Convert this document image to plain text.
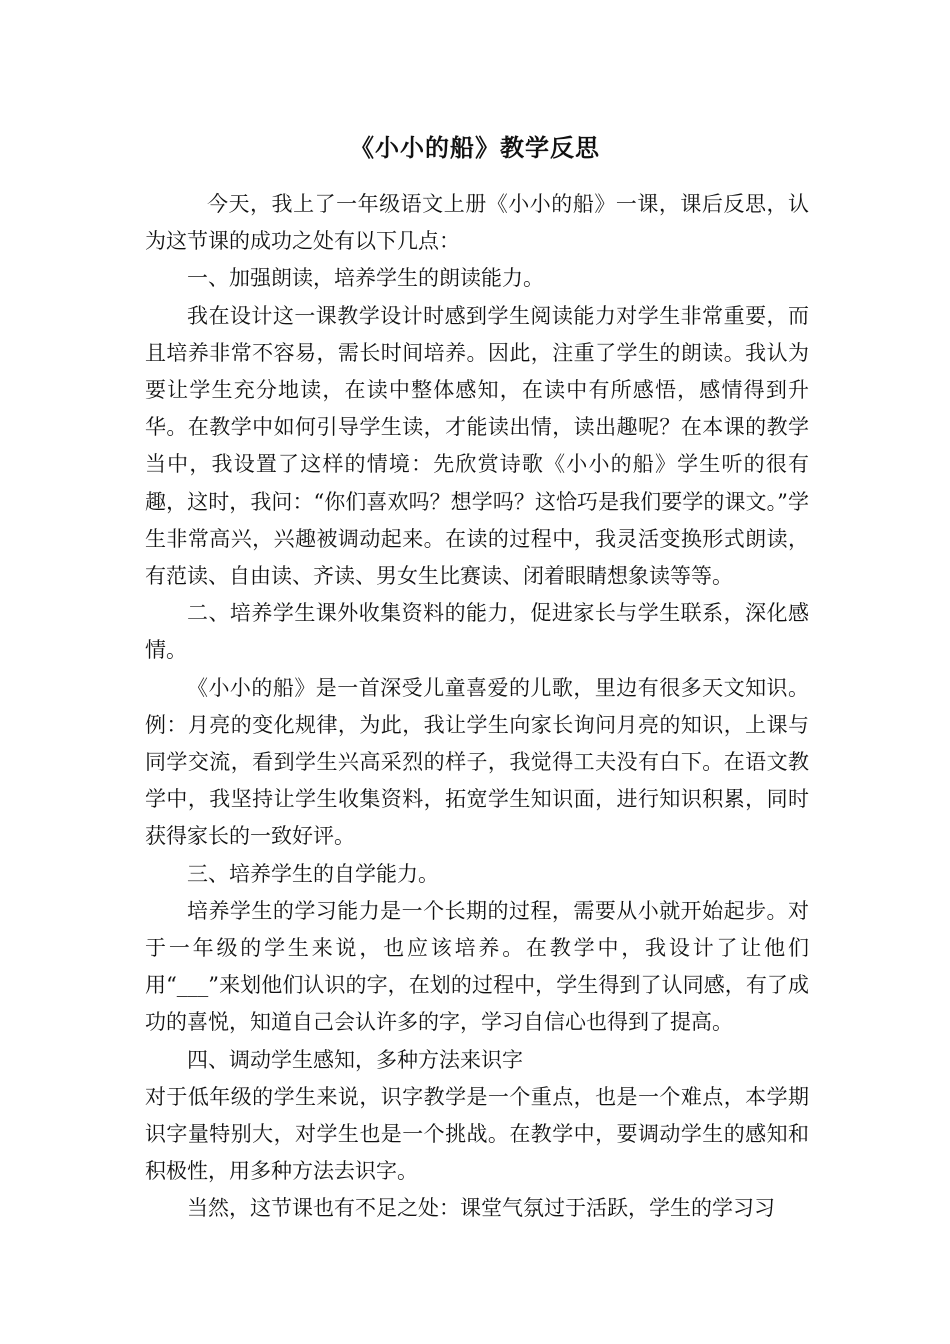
《小小的船》教学反思

今天，我上了一年级语文上册《小小的船》一课，课后反思，认为这节课的成功之处有以下几点：

一、加强朗读，培养学生的朗读能力。

我在设计这一课教学设计时感到学生阅读能力对学生非常重要，而且培养非常不容易，需长时间培养。因此，注重了学生的朗读。我认为要让学生充分地读，在读中整体感知，在读中有所感悟，感情得到升华。在教学中如何引导学生读，才能读出情，读出趣呢？在本课的教学当中，我设置了这样的情境：先欣赏诗歌《小小的船》学生听的很有趣，这时，我问：“你们喜欢吗？想学吗？这恰巧是我们要学的课文。”学生非常高兴，兴趣被调动起来。在读的过程中，我灵活变换形式朗读，有范读、自由读、齐读、男女生比赛读、闭着眼睛想象读等等。

二、培养学生课外收集资料的能力，促进家长与学生联系，深化感情。

《小小的船》是一首深受儿童喜爱的儿歌，里边有很多天文知识。例：月亮的变化规律，为此，我让学生向家长询问月亮的知识，上课与同学交流，看到学生兴高采烈的样子，我觉得工夫没有白下。在语文教学中，我坚持让学生收集资料，拓宽学生知识面，进行知识积累，同时获得家长的一致好评。

三、培养学生的自学能力。

培养学生的学习能力是一个长期的过程，需要从小就开始起步。对于一年级的学生来说，也应该培养。在教学中，我设计了让他们用“___”来划他们认识的字，在划的过程中，学生得到了认同感，有了成功的喜悦，知道自己会认许多的字，学习自信心也得到了提高。

四、调动学生感知，多种方法来识字

对于低年级的学生来说，识字教学是一个重点，也是一个难点，本学期识字量特别大，对学生也是一个挑战。在教学中，要调动学生的感知和积极性，用多种方法去识字。

当然，这节课也有不足之处：课堂气氛过于活跃，学生的学习习
